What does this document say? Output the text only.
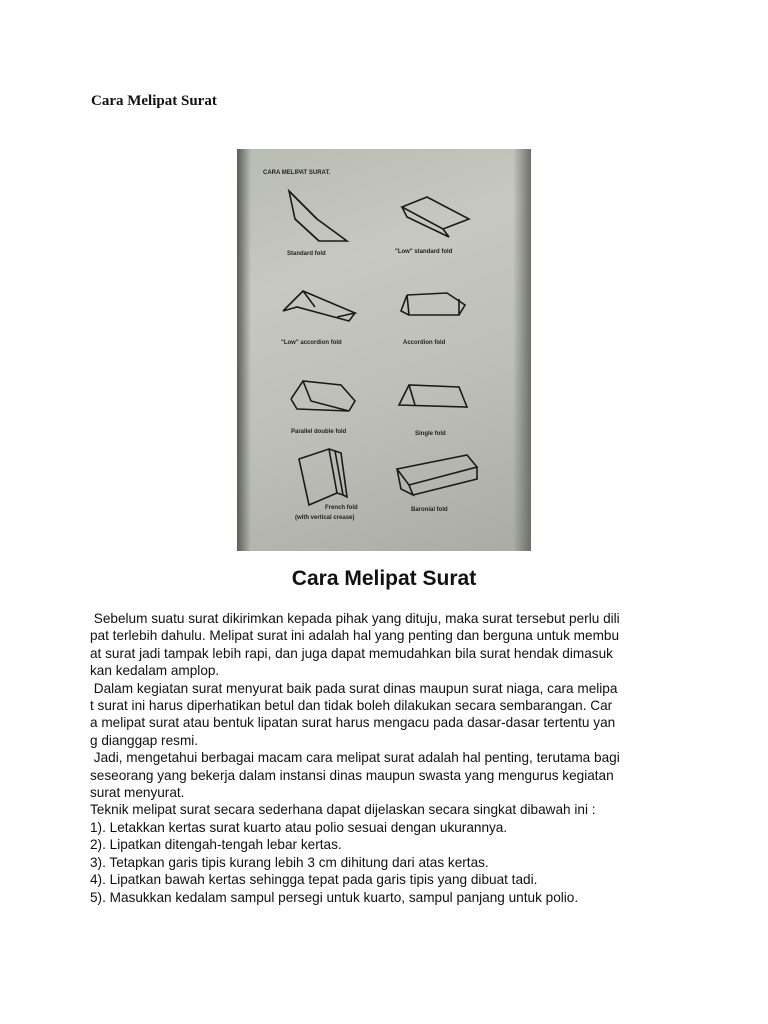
Cara Melipat Surat
CARA MELIPAT SURAT.
Standard fold	"Low" standard fold
"Low" accordion fold	Accordion fold
Parallel double fold	Single fold
French fold
(with vertical crease)
Baronial fold
Cara Melipat Surat
Sebelum suatu surat dikirimkan kepada pihak yang dituju, maka surat tersebut perlu dili
pat terlebih dahulu. Melipat surat ini adalah hal yang penting dan berguna untuk membu
at surat jadi tampak lebih rapi, dan juga dapat memudahkan bila surat hendak dimasuk
kan kedalam amplop.
Dalam kegiatan surat menyurat baik pada surat dinas maupun surat niaga, cara melipa
t surat ini harus diperhatikan betul dan tidak boleh dilakukan secara sembarangan. Car
a melipat surat atau bentuk lipatan surat harus mengacu pada dasar-dasar tertentu yan
g dianggap resmi.
Jadi, mengetahui berbagai macam cara melipat surat adalah hal penting, terutama bagi
seseorang yang bekerja dalam instansi dinas maupun swasta yang mengurus kegiatan
surat menyurat.
Teknik melipat surat secara sederhana dapat dijelaskan secara singkat dibawah ini :
1). Letakkan kertas surat kuarto atau polio sesuai dengan ukurannya.
2). Lipatkan ditengah-tengah lebar kertas.
3). Tetapkan garis tipis kurang lebih 3 cm dihitung dari atas kertas.
4). Lipatkan bawah kertas sehingga tepat pada garis tipis yang dibuat tadi.
5). Masukkan kedalam sampul persegi untuk kuarto, sampul panjang untuk polio.
